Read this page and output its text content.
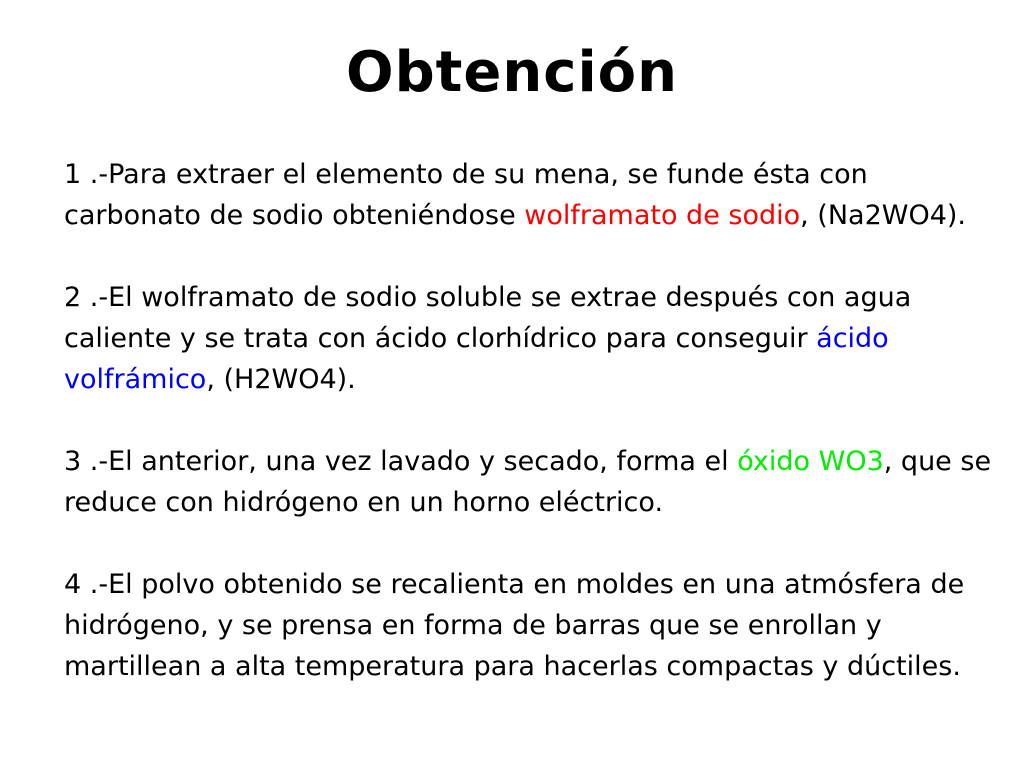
Obtención

1 .-Para extraer el elemento de su mena, se funde ésta con carbonato de sodio obteniéndose wolframato de sodio, (Na2WO4).

2 .-El wolframato de sodio soluble se extrae después con agua caliente y se trata con ácido clorhídrico para conseguir ácido volfrámico, (H2WO4).

3 .-El anterior, una vez lavado y secado, forma el óxido WO3, que se reduce con hidrógeno en un horno eléctrico.

4 .-El polvo obtenido se recalienta en moldes en una atmósfera de hidrógeno, y se prensa en forma de barras que se enrollan y martillean a alta temperatura para hacerlas compactas y dúctiles.
